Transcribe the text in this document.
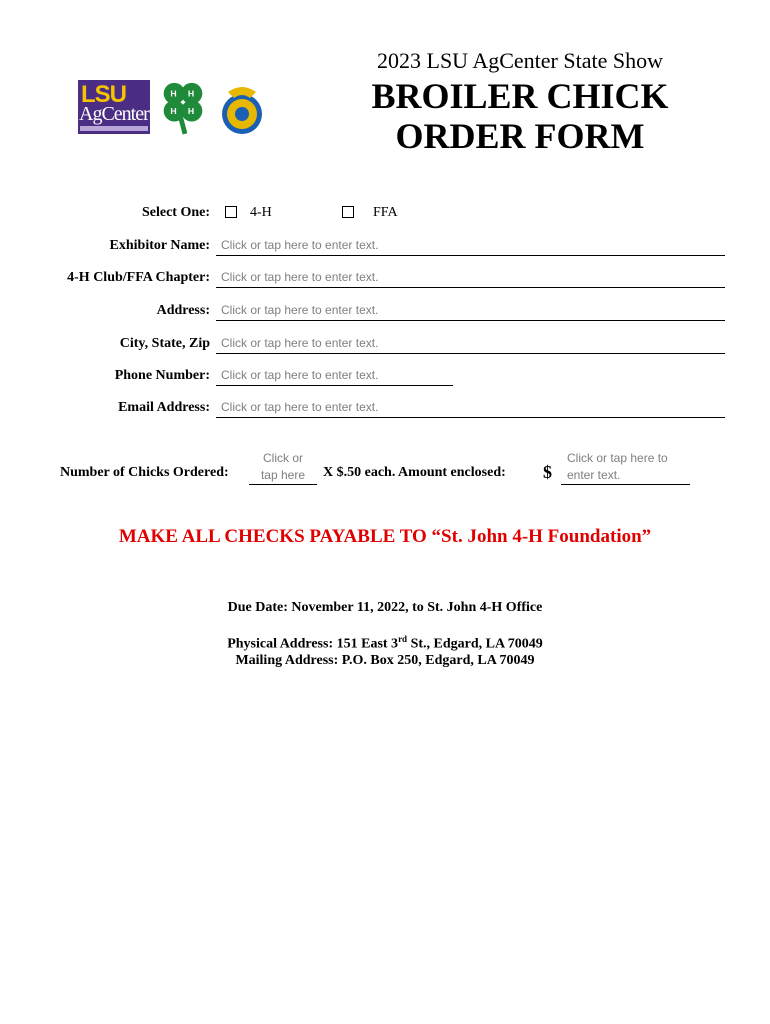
LSU
AgCenter
H H
H H
2023 LSU AgCenter State Show
BROILER CHICK
ORDER FORM
Select One:	4-H	FFA
Exhibitor Name: Click or tap here to enter text.
4-H Club/FFA Chapter: Click or tap here to enter text.
Address: Click or tap here to enter text.
City, State, Zip Click or tap here to enter text.
Phone Number: Click or tap here to enter text.
Email Address: Click or tap here to enter text.
Number of Chicks Ordered:
Click or
tap here	X $.50 each. Amount enclosed: $
Click or tap here to
enter text.
MAKE ALL CHECKS PAYABLE TO “St. John 4-H Foundation”
Due Date: November 11, 2022, to St. John 4-H Office
Physical Address: 151 East 3rd St., Edgard, LA 70049
Mailing Address: P.O. Box 250, Edgard, LA 70049
